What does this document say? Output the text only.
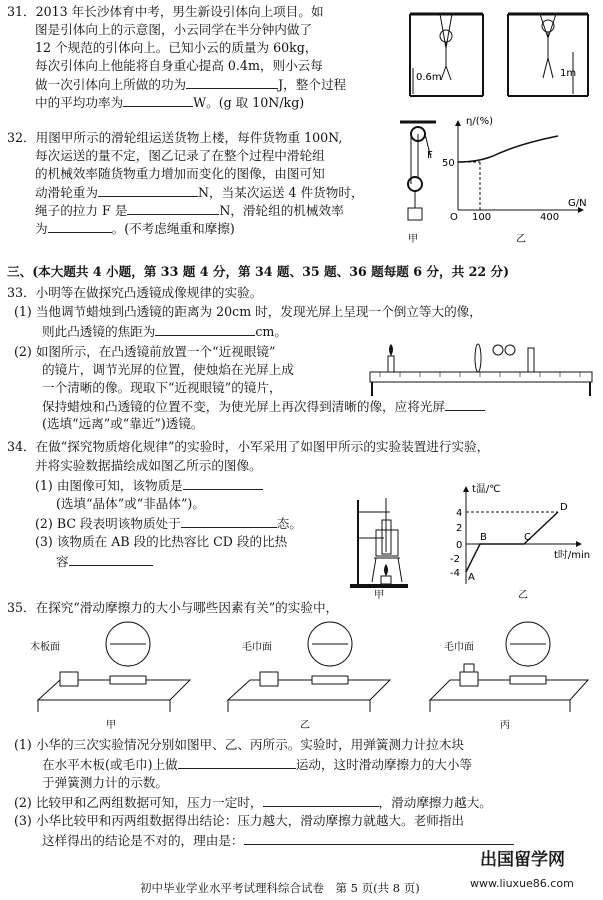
31．2013 年长沙体育中考，男生新设引体向上项目。如
图是引体向上的示意图，小云同学在半分钟内做了
12 个规范的引体向上。已知小云的质量为 60kg，
每次引体向上他能将自身重心提高 0.4m，则小云每
做一次引体向上所做的功为	J，整个过程
中的平均功率为	W。(g 取 10N/kg)
0.6m	1m
32．用图甲所示的滑轮组运送货物上楼，每件货物重 100N,
每次运送的量不定，图乙记录了在整个过程中滑轮组
的机械效率随货物重力增加而变化的图像，由图可知
动滑轮重为	N，当某次运送 4 件货物时，
绳子的拉力 F 是	N，滑轮组的机械效率
为	。(不考虑绳重和摩擦)
F
甲
η/(%)
G/N
50
O 100	400
乙
三、(本大题共 4 小题，第 33 题 4 分，第 34 题、35 题、36 题每题 6 分，共 22 分)
33．小明等在做探究凸透镜成像规律的实验。
(1) 当他调节蜡烛到凸透镜的距离为 20cm 时，发现光屏上呈现一个倒立等大的像，
则此凸透镜的焦距为	cm。
(2) 如图所示，在凸透镜前放置一个“近视眼镜”
的镜片，调节光屏的位置，使烛焰在光屏上成
一个清晰的像。现取下“近视眼镜”的镜片，
保持蜡烛和凸透镜的位置不变，为使光屏上再次得到清晰的像，应将光屏
(选填“远离”或“靠近”)透镜。
34．在做“探究物质熔化规律”的实验时，小军采用了如图甲所示的实验装置进行实验，
并将实验数据描绘成如图乙所示的图像。
(1) 由图像可知，该物质是
(选填“晶体”或“非晶体”)。
(2) BC 段表明该物质处于	态。
(3) 该物质在 AB 段的比热容比 CD 段的比热
容
甲
t温/℃
t时/min
4
2
0
-2
-4 A
B	C
D
乙
35．在探究“滑动摩擦力的大小与哪些因素有关”的实验中，
木板面
甲
毛巾面
乙
毛巾面
丙
(1) 小华的三次实验情况分别如图甲、乙、丙所示。实验时，用弹簧测力计拉木块
在水平木板(或毛巾)上做	运动，这时滑动摩擦力的大小等
于弹簧测力计的示数。
(2) 比较甲和乙两组数据可知，压力一定时，	，滑动摩擦力越大。
(3) 小华比较甲和丙两组数据得出结论：压力越大，滑动摩擦力就越大。老师指出
这样得出的结论是不对的，理由是：
初中毕业学业水平考试理科综合试卷　第 5 页(共 8 页)
出国留学网
www.liuxue86.com
